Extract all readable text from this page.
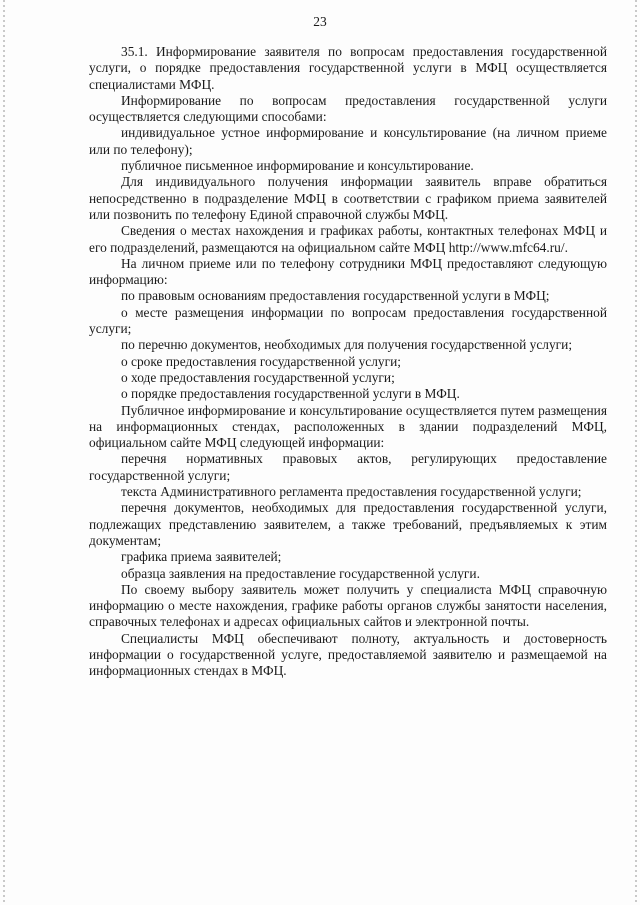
23

35.1. Информирование заявителя по вопросам предоставления государственной услуги, о порядке предоставления государственной услуги в МФЦ осуществляется специалистами МФЦ.

Информирование по вопросам предоставления государственной услуги осуществляется следующими способами:

индивидуальное устное информирование и консультирование (на личном приеме или по телефону);

публичное письменное информирование и консультирование.

Для индивидуального получения информации заявитель вправе обратиться непосредственно в подразделение МФЦ в соответствии с графиком приема заявителей или позвонить по телефону Единой справочной службы МФЦ.

Сведения о местах нахождения и графиках работы, контактных телефонах МФЦ и его подразделений, размещаются на официальном сайте МФЦ http://www.mfc64.ru/.

На личном приеме или по телефону сотрудники МФЦ предоставляют следующую информацию:

по правовым основаниям предоставления государственной услуги в МФЦ;

о месте размещения информации по вопросам предоставления государственной услуги;

по перечню документов, необходимых для получения государственной услуги;

о сроке предоставления государственной услуги;

о ходе предоставления государственной услуги;

о порядке предоставления государственной услуги в МФЦ.

Публичное информирование и консультирование осуществляется путем размещения на информационных стендах, расположенных в здании подразделений МФЦ, официальном сайте МФЦ следующей информации:

перечня нормативных правовых актов, регулирующих предоставление государственной услуги;

текста Административного регламента предоставления государственной услуги;

перечня документов, необходимых для предоставления государственной услуги, подлежащих представлению заявителем, а также требований, предъявляемых к этим документам;

графика приема заявителей;

образца заявления на предоставление государственной услуги.

По своему выбору заявитель может получить у специалиста МФЦ справочную информацию о месте нахождения, графике работы органов службы занятости населения, справочных телефонах и адресах официальных сайтов и электронной почты.

Специалисты МФЦ обеспечивают полноту, актуальность и достоверность информации о государственной услуге, предоставляемой заявителю и размещаемой на информационных стендах в МФЦ.
